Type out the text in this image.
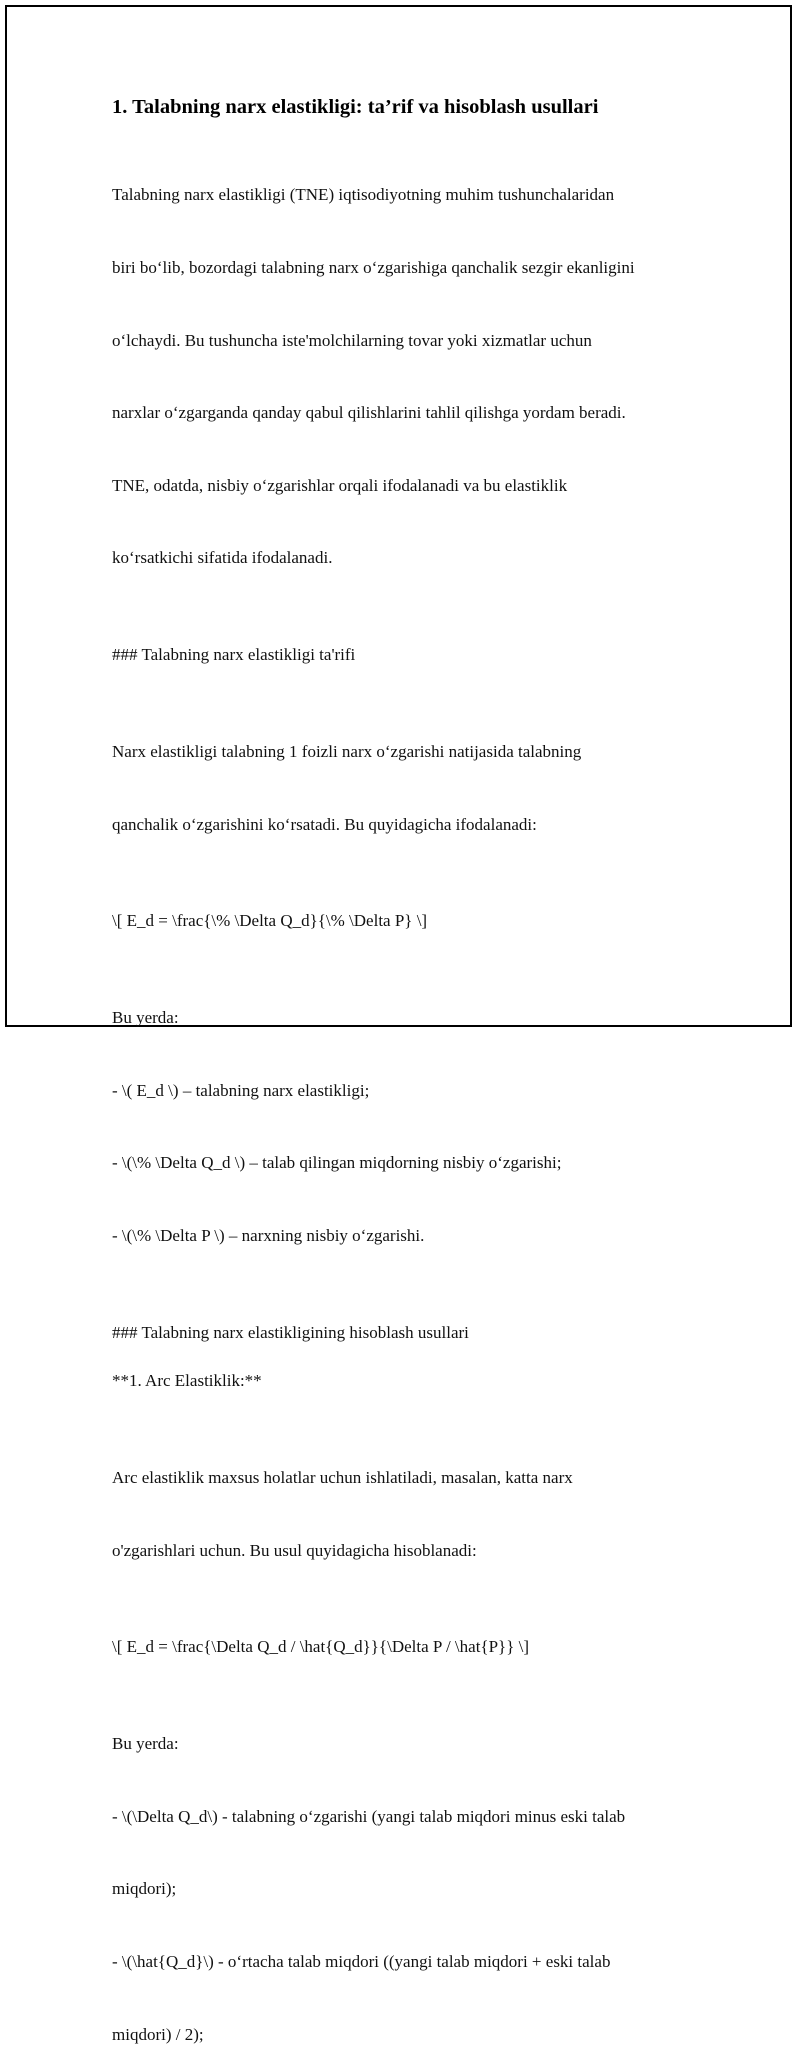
1. Talabning narx elastikligi: ta’rif va hisoblash usullari

Talabning narx elastikligi (TNE) iqtisodiyotning muhim tushunchalaridan

biri bo‘lib, bozordagi talabning narx o‘zgarishiga qanchalik sezgir ekanligini

o‘lchaydi. Bu tushuncha iste'molchilarning tovar yoki xizmatlar uchun

narxlar o‘zgarganda qanday qabul qilishlarini tahlil qilishga yordam beradi.

TNE, odatda, nisbiy o‘zgarishlar orqali ifodalanadi va bu elastiklik

ko‘rsatkichi sifatida ifodalanadi.

### Talabning narx elastikligi ta'rifi

Narx elastikligi talabning 1 foizli narx o‘zgarishi natijasida talabning

qanchalik o‘zgarishini ko‘rsatadi. Bu quyidagicha ifodalanadi:

\[ E_d = \frac{\% \Delta Q_d}{\% \Delta P} \]

Bu yerda:

- \( E_d \) – talabning narx elastikligi;

- \(\% \Delta Q_d \) – talab qilingan miqdorning nisbiy o‘zgarishi;

- \(\% \Delta P \) – narxning nisbiy o‘zgarishi.

### Talabning narx elastikligining hisoblash usullari

**1. Arc Elastiklik:**

Arc elastiklik maxsus holatlar uchun ishlatiladi, masalan, katta narx

o'zgarishlari uchun. Bu usul quyidagicha hisoblanadi:

\[ E_d = \frac{\Delta Q_d / \hat{Q_d}}{\Delta P / \hat{P}} \]

Bu yerda:

- \(\Delta Q_d\) - talabning o‘zgarishi (yangi talab miqdori minus eski talab

miqdori);

- \(\hat{Q_d}\) - o‘rtacha talab miqdori ((yangi talab miqdori + eski talab

miqdori) / 2);
